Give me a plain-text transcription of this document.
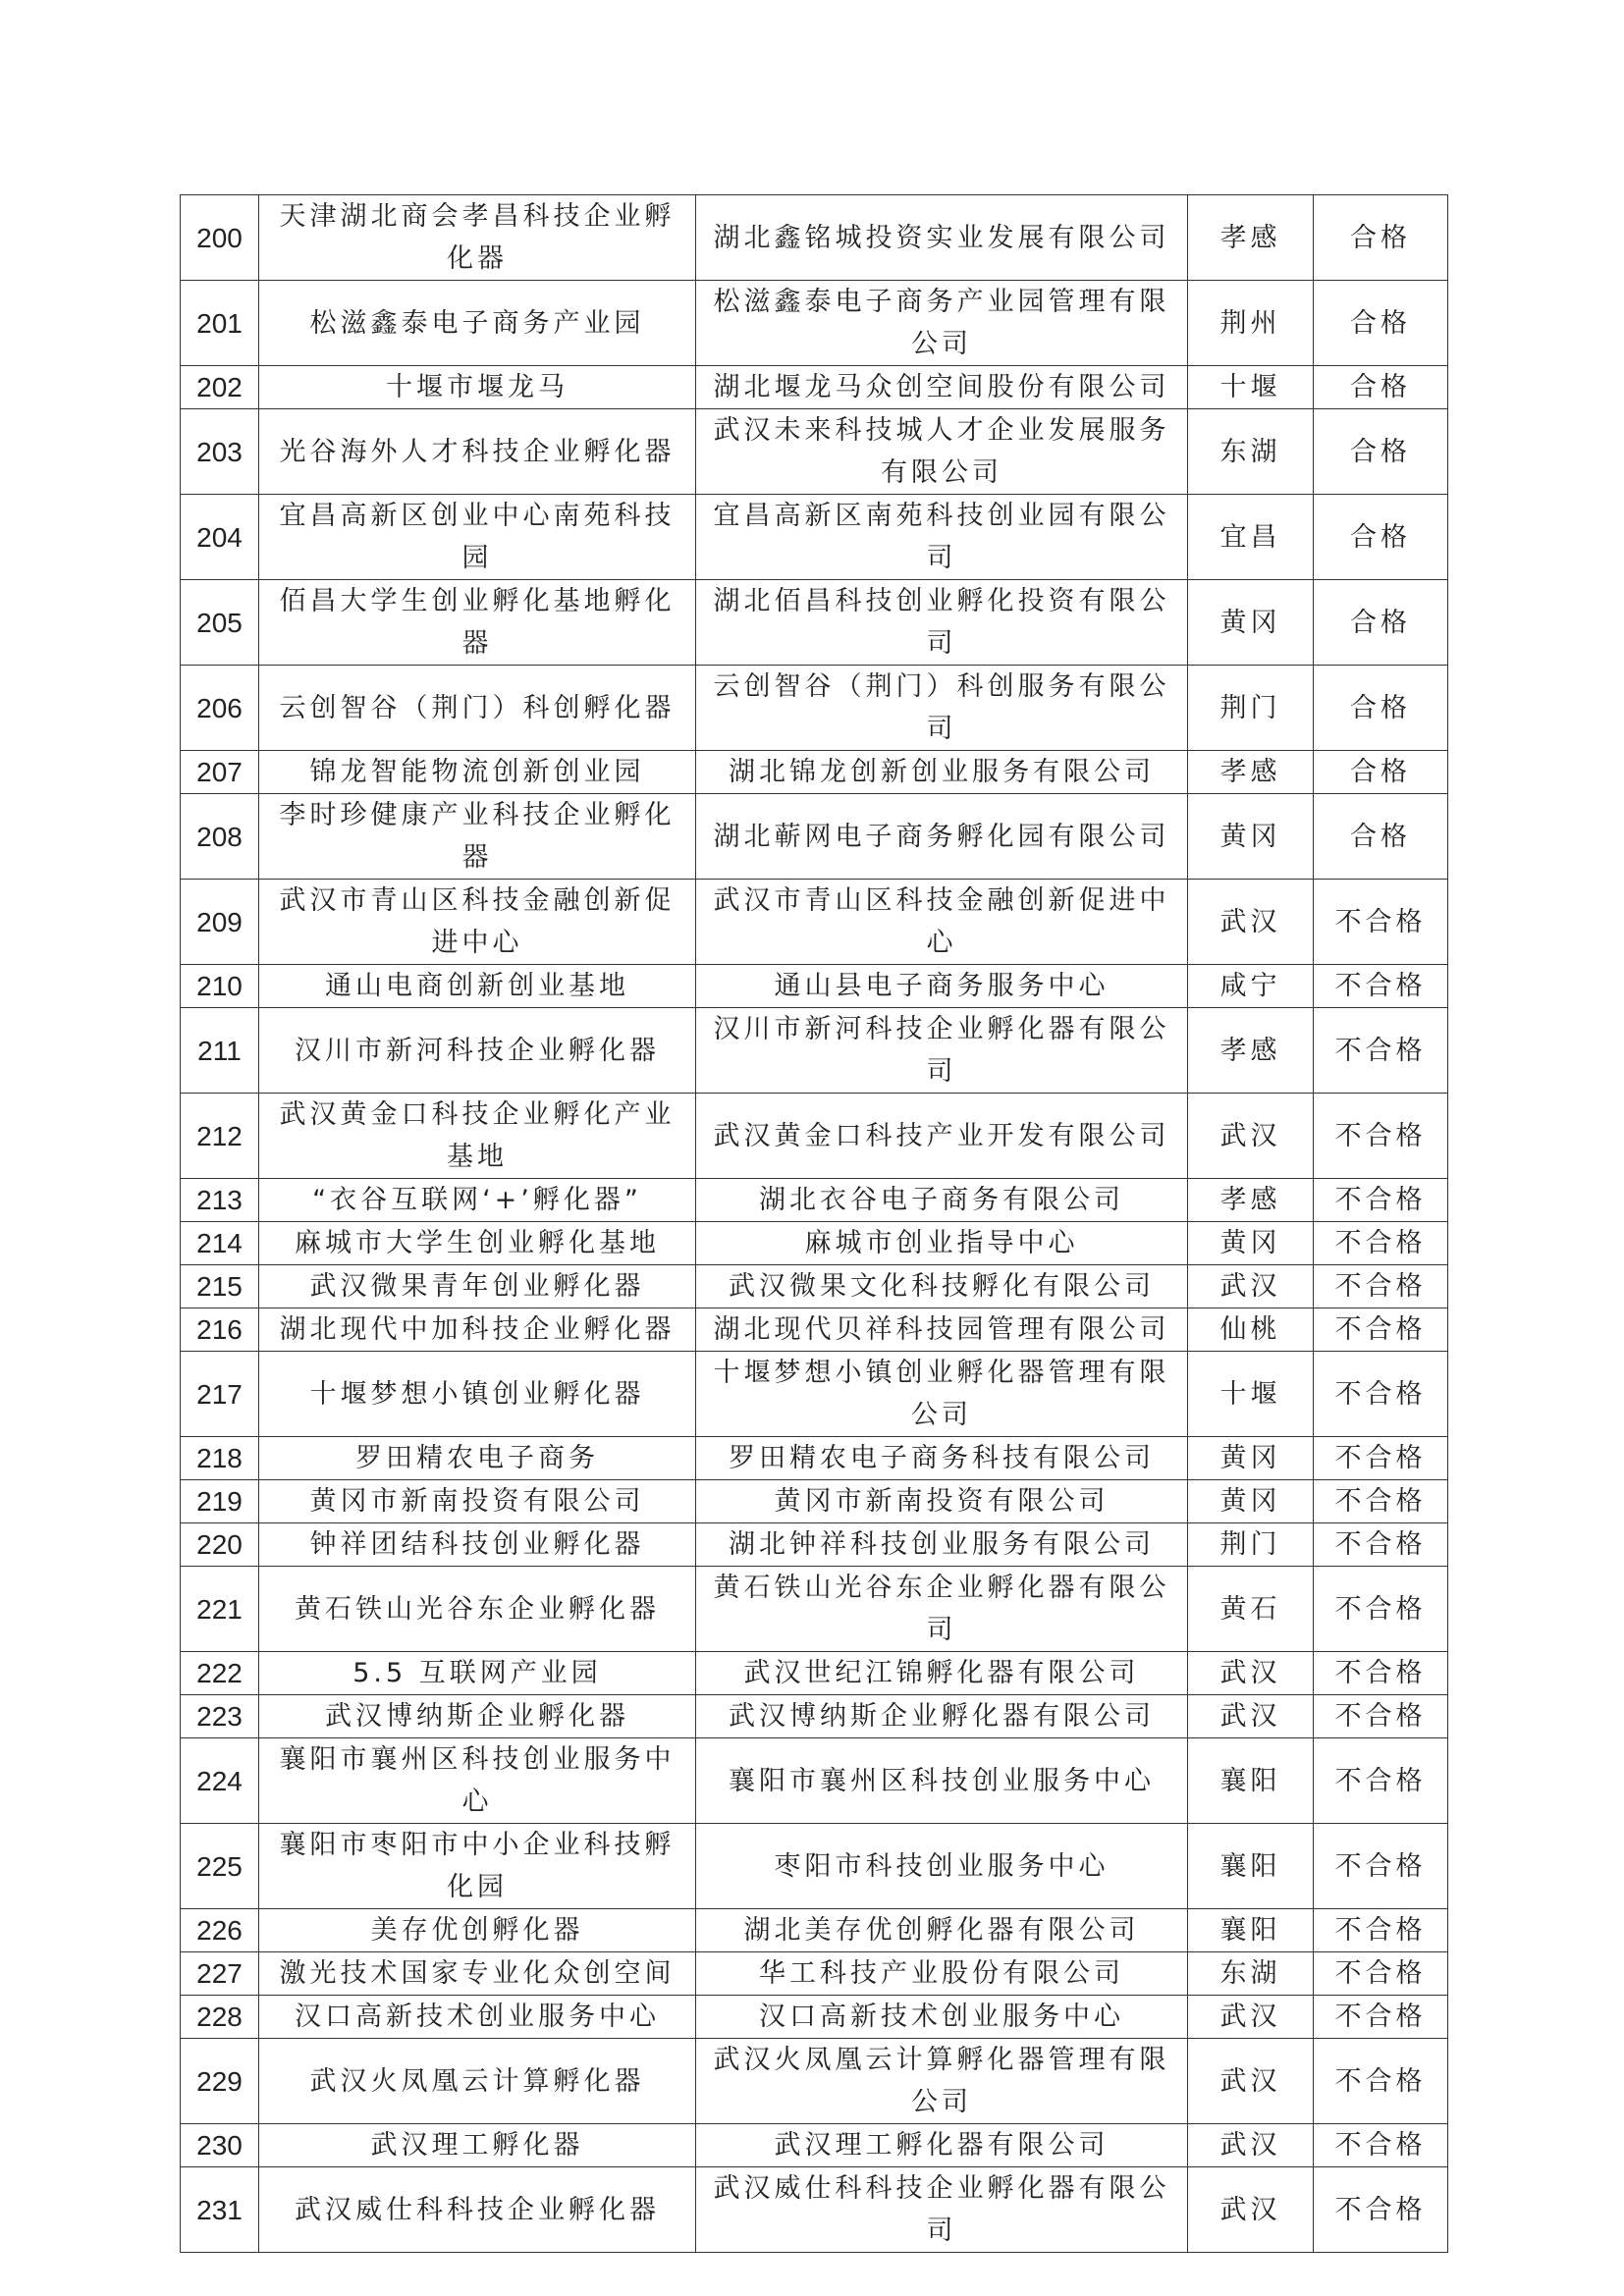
200	天津湖北商会孝昌科技企业孵化器	湖北鑫铭城投资实业发展有限公司	孝感	合格
201	松滋鑫泰电子商务产业园	松滋鑫泰电子商务产业园管理有限公司	荆州	合格
202	十堰市堰龙马	湖北堰龙马众创空间股份有限公司	十堰	合格
203	光谷海外人才科技企业孵化器	武汉未来科技城人才企业发展服务有限公司	东湖	合格
204	宜昌高新区创业中心南苑科技园	宜昌高新区南苑科技创业园有限公司	宜昌	合格
205	佰昌大学生创业孵化基地孵化器	湖北佰昌科技创业孵化投资有限公司	黄冈	合格
206	云创智谷（荆门）科创孵化器	云创智谷（荆门）科创服务有限公司	荆门	合格
207	锦龙智能物流创新创业园	湖北锦龙创新创业服务有限公司	孝感	合格
208	李时珍健康产业科技企业孵化器	湖北蕲网电子商务孵化园有限公司	黄冈	合格
209	武汉市青山区科技金融创新促进中心	武汉市青山区科技金融创新促进中心	武汉	不合格
210	通山电商创新创业基地	通山县电子商务服务中心	咸宁	不合格
211	汉川市新河科技企业孵化器	汉川市新河科技企业孵化器有限公司	孝感	不合格
212	武汉黄金口科技企业孵化产业基地	武汉黄金口科技产业开发有限公司	武汉	不合格
213	“衣谷互联网‘+’孵化器”	湖北衣谷电子商务有限公司	孝感	不合格
214	麻城市大学生创业孵化基地	麻城市创业指导中心	黄冈	不合格
215	武汉微果青年创业孵化器	武汉微果文化科技孵化有限公司	武汉	不合格
216	湖北现代中加科技企业孵化器	湖北现代贝祥科技园管理有限公司	仙桃	不合格
217	十堰梦想小镇创业孵化器	十堰梦想小镇创业孵化器管理有限公司	十堰	不合格
218	罗田精农电子商务	罗田精农电子商务科技有限公司	黄冈	不合格
219	黄冈市新南投资有限公司	黄冈市新南投资有限公司	黄冈	不合格
220	钟祥团结科技创业孵化器	湖北钟祥科技创业服务有限公司	荆门	不合格
221	黄石铁山光谷东企业孵化器	黄石铁山光谷东企业孵化器有限公司	黄石	不合格
222	5.5 互联网产业园	武汉世纪江锦孵化器有限公司	武汉	不合格
223	武汉博纳斯企业孵化器	武汉博纳斯企业孵化器有限公司	武汉	不合格
224	襄阳市襄州区科技创业服务中心	襄阳市襄州区科技创业服务中心	襄阳	不合格
225	襄阳市枣阳市中小企业科技孵化园	枣阳市科技创业服务中心	襄阳	不合格
226	美存优创孵化器	湖北美存优创孵化器有限公司	襄阳	不合格
227	激光技术国家专业化众创空间	华工科技产业股份有限公司	东湖	不合格
228	汉口高新技术创业服务中心	汉口高新技术创业服务中心	武汉	不合格
229	武汉火凤凰云计算孵化器	武汉火凤凰云计算孵化器管理有限公司	武汉	不合格
230	武汉理工孵化器	武汉理工孵化器有限公司	武汉	不合格
231	武汉威仕科科技企业孵化器	武汉威仕科科技企业孵化器有限公司	武汉	不合格
